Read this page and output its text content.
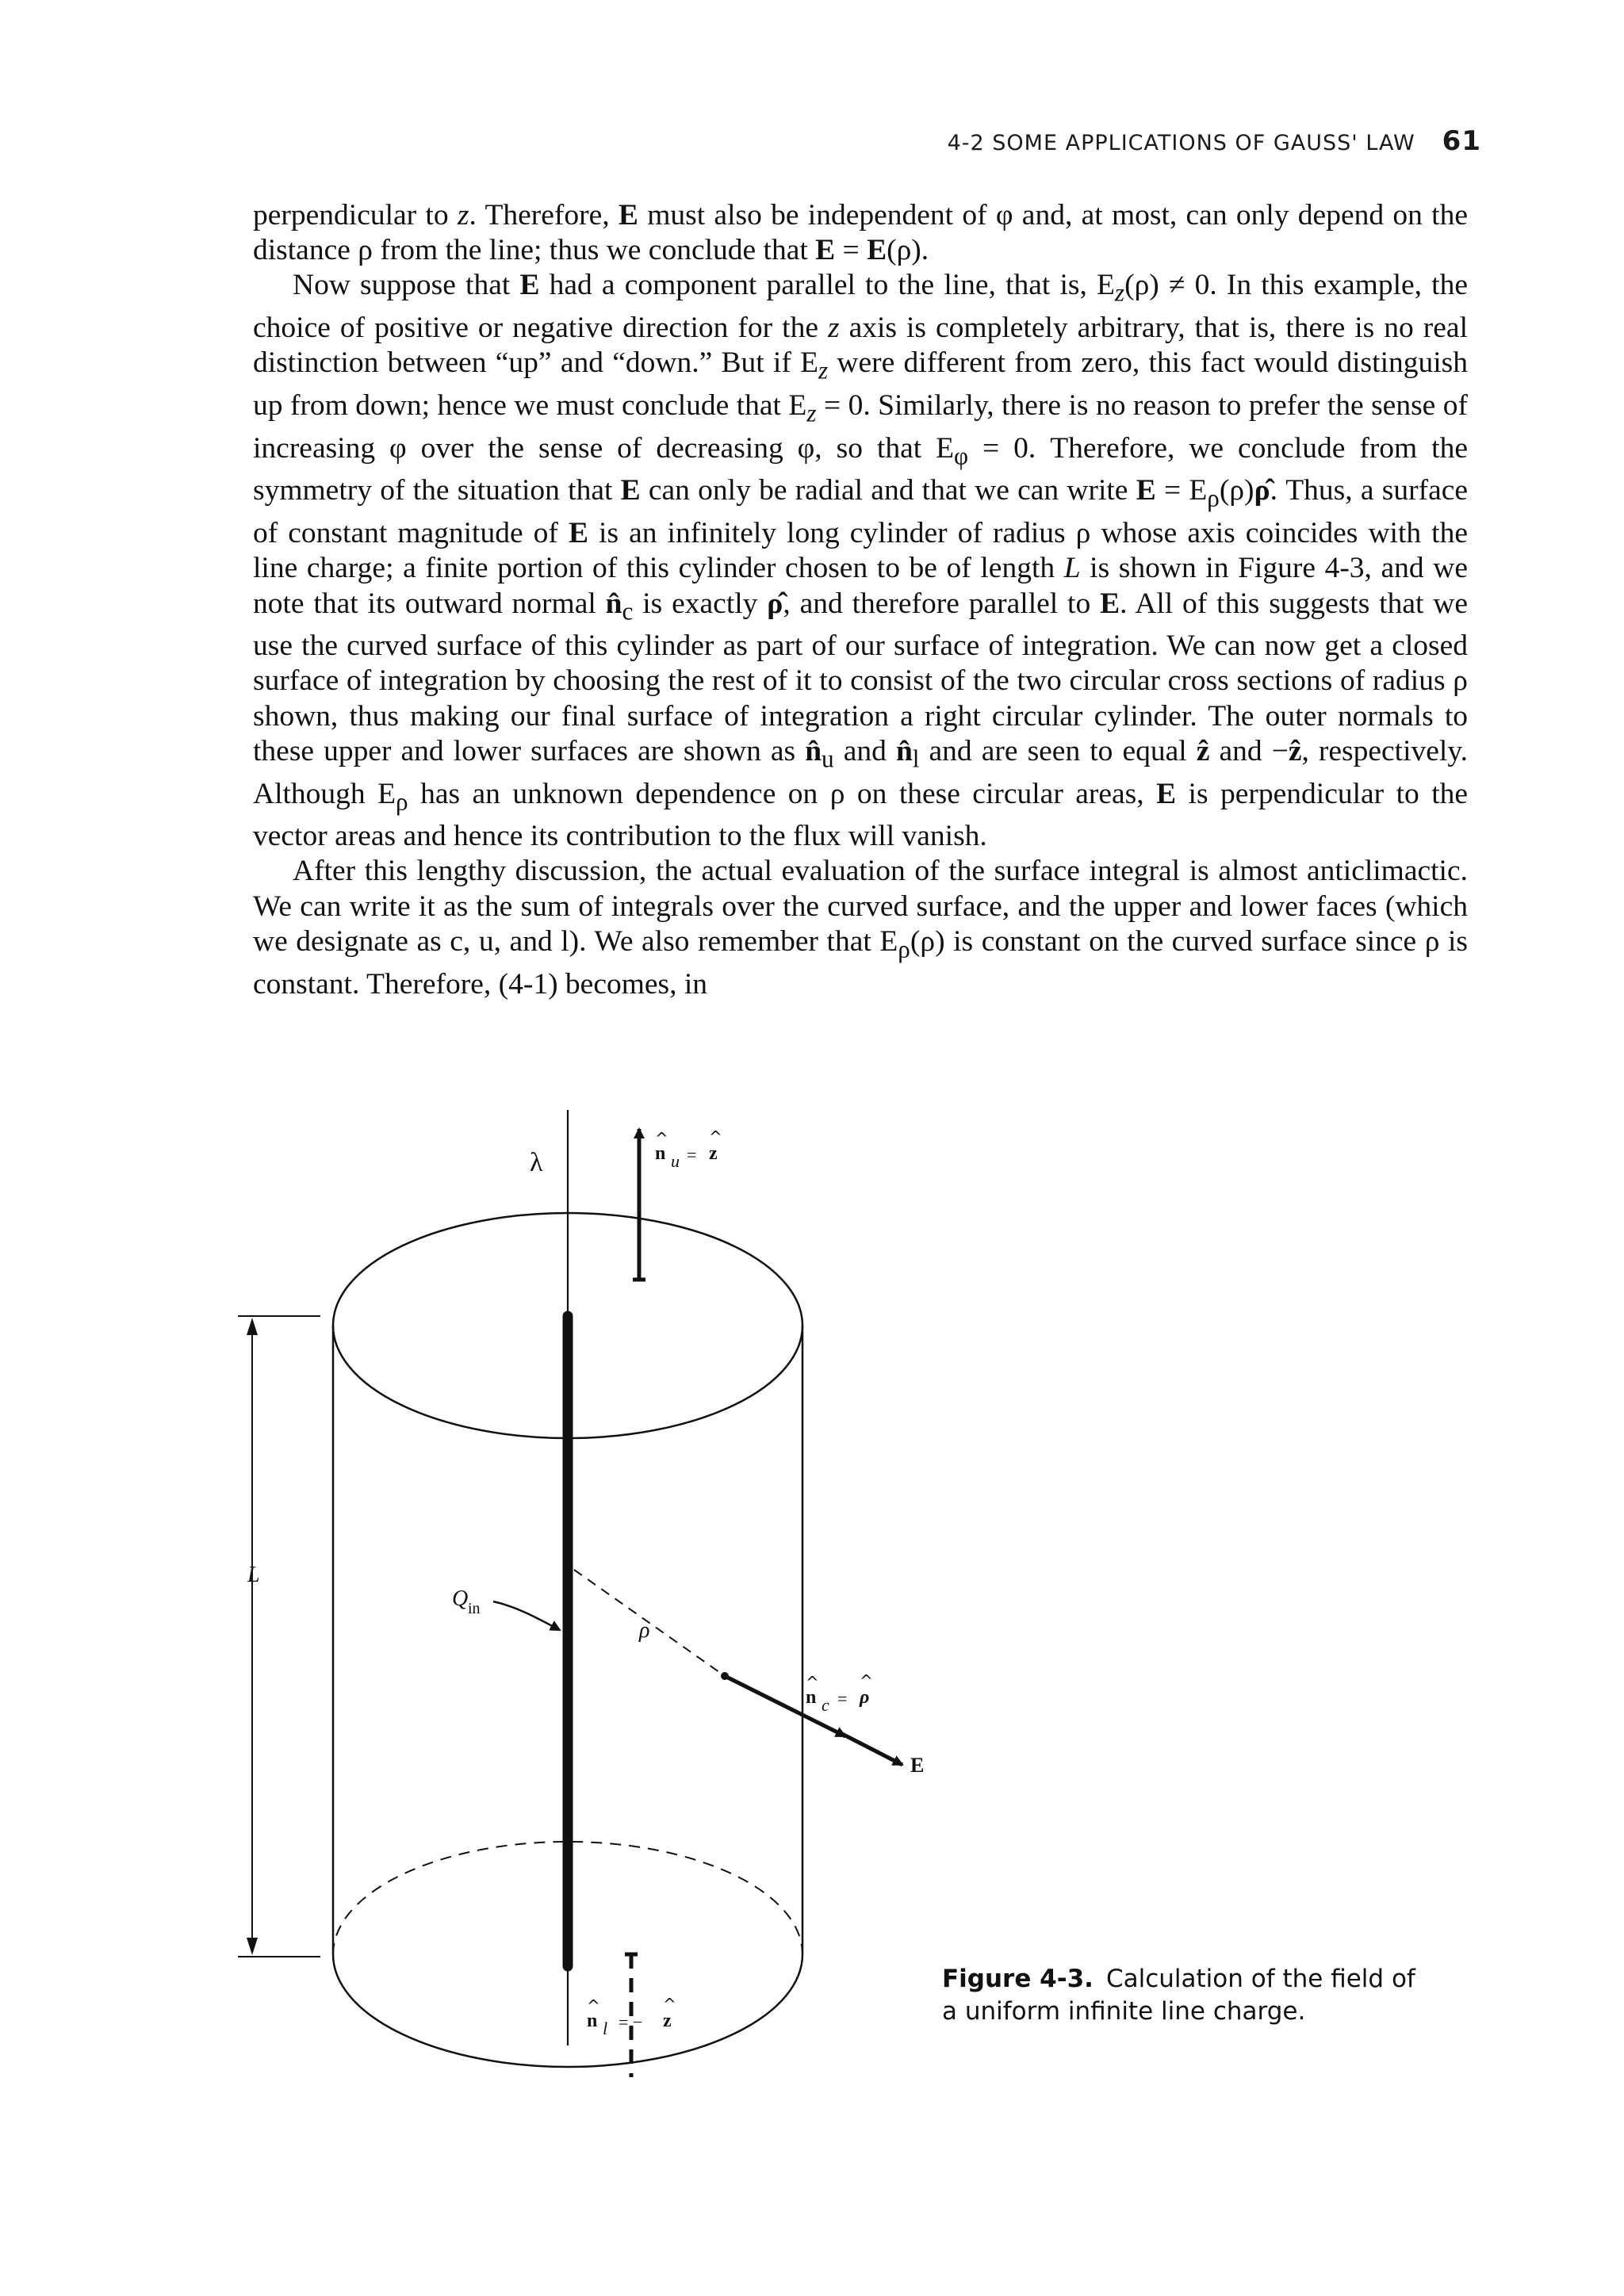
4-2 SOME APPLICATIONS OF GAUSS' LAW 61

perpendicular to z. Therefore, E must also be independent of φ and, at most, can only depend on the distance ρ from the line; thus we conclude that E = E(ρ).

Now suppose that E had a component parallel to the line, that is, $E_z(\rho) \ne 0$. In this example, the choice of positive or negative direction for the z axis is completely arbitrary, that is, there is no real distinction between “up” and “down.” But if $E_z$ were different from zero, this fact would distinguish up from down; hence we must conclude that $E_z = 0$. Similarly, there is no reason to prefer the sense of increasing φ over the sense of decreasing φ, so that $E_\varphi = 0$. Therefore, we conclude from the symmetry of the situation that E can only be radial and that we can write $E = E_\rho(\rho)\rhô$. Thus, a surface of constant magnitude of E is an infinitely long cylinder of radius ρ whose axis coincides with the line charge; a finite portion of this cylinder chosen to be of length L is shown in Figure 4-3, and we note that its outward normal $n̂_c$ is exactly ρ̂, and therefore parallel to E. All of this suggests that we use the curved surface of this cylinder as part of our surface of integration. We can now get a closed surface of integration by choosing the rest of it to consist of the two circular cross sections of radius ρ shown, thus making our final surface of integration a right circular cylinder. The outer normals to these upper and lower surfaces are shown as $n̂_u$ and $n̂_l$ and are seen to equal ẑ and −ẑ, respectively. Although $E_\rho$ has an unknown dependence on ρ on these circular areas, E is perpendicular to the vector areas and hence its contribution to the flux will vanish.

After this lengthy discussion, the actual evaluation of the surface integral is almost anticlimactic. We can write it as the sum of integrals over the curved surface, and the upper and lower faces (which we designate as c, u, and l). We also remember that $E_\rho(\rho)$ is constant on the curved surface since ρ is constant. Therefore, (4-1) becomes, in

λ
^
n u =
^
z
L
Q in
ρ
^
n c =
^
ρ
E
^
n l = −
^
z
Figure 4-3. Calculation of the field of a uniform infinite line charge.
